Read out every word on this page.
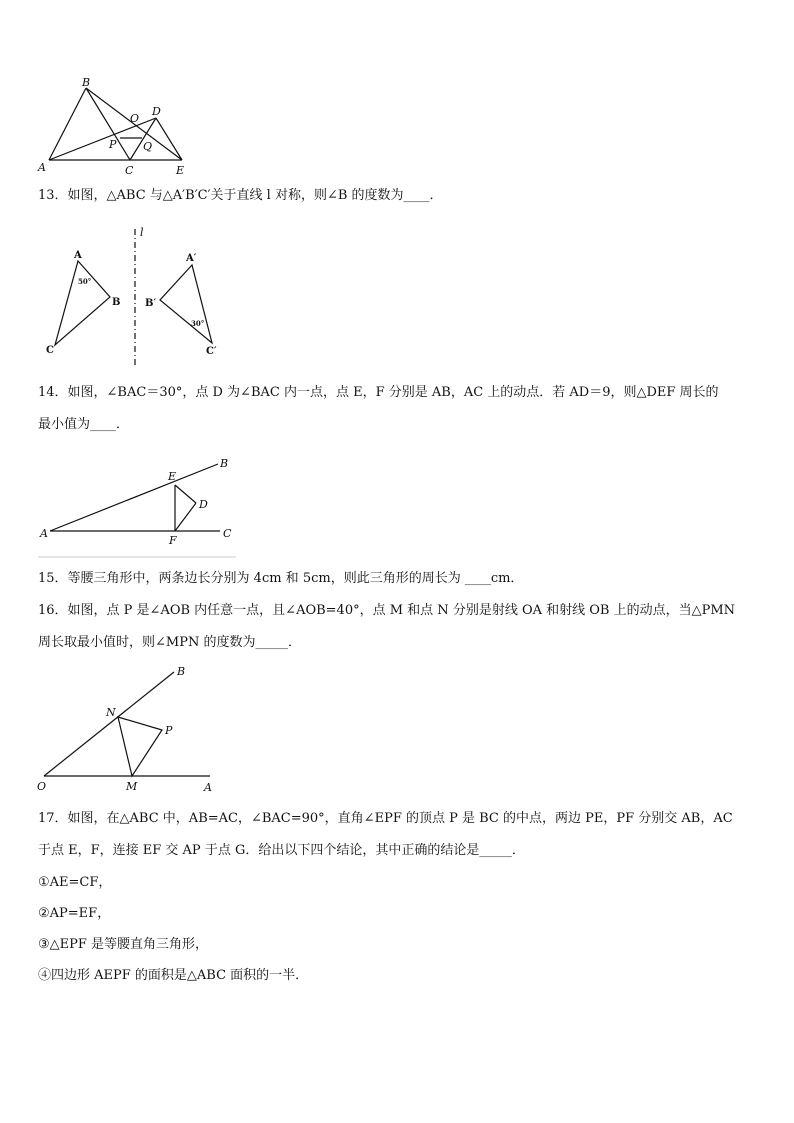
B
D
O
P Q
A	C	E
13．如图，△ABC 与△A′B′C′关于直线 l 对称，则∠B 的度数为____．
l
A
B
C
50°
A′
B′
C′
30°
14．如图，∠BAC＝30°，点 D 为∠BAC 内一点，点 E，F 分别是 AB，AC 上的动点．若 AD＝9，则△DEF 周长的
最小值为____．
B
E
D
A	C
F
15．等腰三角形中，两条边长分别为 4cm 和 5cm，则此三角形的周长为 ____cm．
16．如图，点 P 是∠AOB 内任意一点，且∠AOB=40°，点 M 和点 N 分别是射线 OA 和射线 OB 上的动点，当△PMN
周长取最小值时，则∠MPN 的度数为_____．
B
N
P
O	M	A
17．如图，在△ABC 中，AB=AC，∠BAC=90°，直角∠EPF 的顶点 P 是 BC 的中点，两边 PE，PF 分别交 AB，AC
于点 E，F，连接 EF 交 AP 于点 G．给出以下四个结论，其中正确的结论是_____．
①AE=CF，
②AP=EF，
③△EPF 是等腰直角三角形，
④四边形 AEPF 的面积是△ABC 面积的一半．
